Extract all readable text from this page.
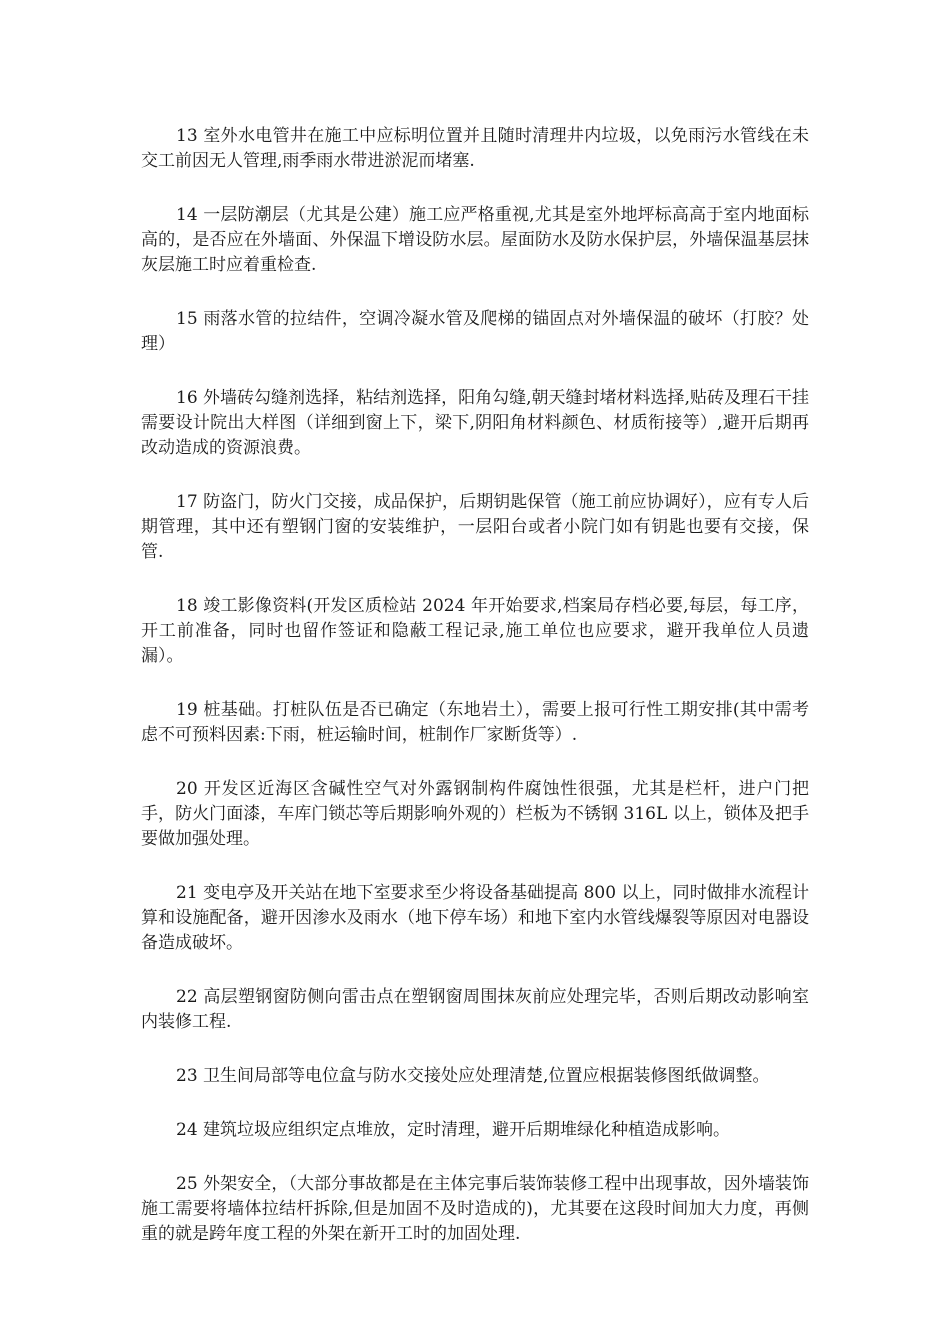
13 室外水电管井在施工中应标明位置并且随时清理井内垃圾，以免雨污水管线在未交工前因无人管理,雨季雨水带进淤泥而堵塞.

14 一层防潮层（尤其是公建）施工应严格重视,尤其是室外地坪标高高于室内地面标高的，是否应在外墙面、外保温下增设防水层。屋面防水及防水保护层，外墙保温基层抹灰层施工时应着重检查.

15 雨落水管的拉结件，空调冷凝水管及爬梯的锚固点对外墙保温的破坏（打胶？处理）

16 外墙砖勾缝剂选择，粘结剂选择，阳角勾缝,朝天缝封堵材料选择,贴砖及理石干挂需要设计院出大样图（详细到窗上下，梁下,阴阳角材料颜色、材质衔接等）,避开后期再改动造成的资源浪费。

17 防盗门，防火门交接，成品保护，后期钥匙保管（施工前应协调好），应有专人后期管理，其中还有塑钢门窗的安装维护，一层阳台或者小院门如有钥匙也要有交接，保管.

18 竣工影像资料(开发区质检站 2024 年开始要求,档案局存档必要,每层，每工序，开工前准备，同时也留作签证和隐蔽工程记录,施工单位也应要求，避开我单位人员遗漏）。

19 桩基础。打桩队伍是否已确定（东地岩土），需要上报可行性工期安排(其中需考虑不可预料因素:下雨，桩运输时间，桩制作厂家断货等）.

20 开发区近海区含碱性空气对外露钢制构件腐蚀性很强，尤其是栏杆，进户门把手，防火门面漆，车库门锁芯等后期影响外观的）栏板为不锈钢 316L 以上，锁体及把手要做加强处理。

21 变电亭及开关站在地下室要求至少将设备基础提高 800 以上，同时做排水流程计算和设施配备，避开因渗水及雨水（地下停车场）和地下室内水管线爆裂等原因对电器设备造成破坏。

22 高层塑钢窗防侧向雷击点在塑钢窗周围抹灰前应处理完毕，否则后期改动影响室内装修工程.

23 卫生间局部等电位盒与防水交接处应处理清楚,位置应根据装修图纸做调整。

24 建筑垃圾应组织定点堆放，定时清理，避开后期堆绿化种植造成影响。

25 外架安全，（大部分事故都是在主体完事后装饰装修工程中出现事故，因外墙装饰施工需要将墙体拉结杆拆除,但是加固不及时造成的)，尤其要在这段时间加大力度，再侧重的就是跨年度工程的外架在新开工时的加固处理.
